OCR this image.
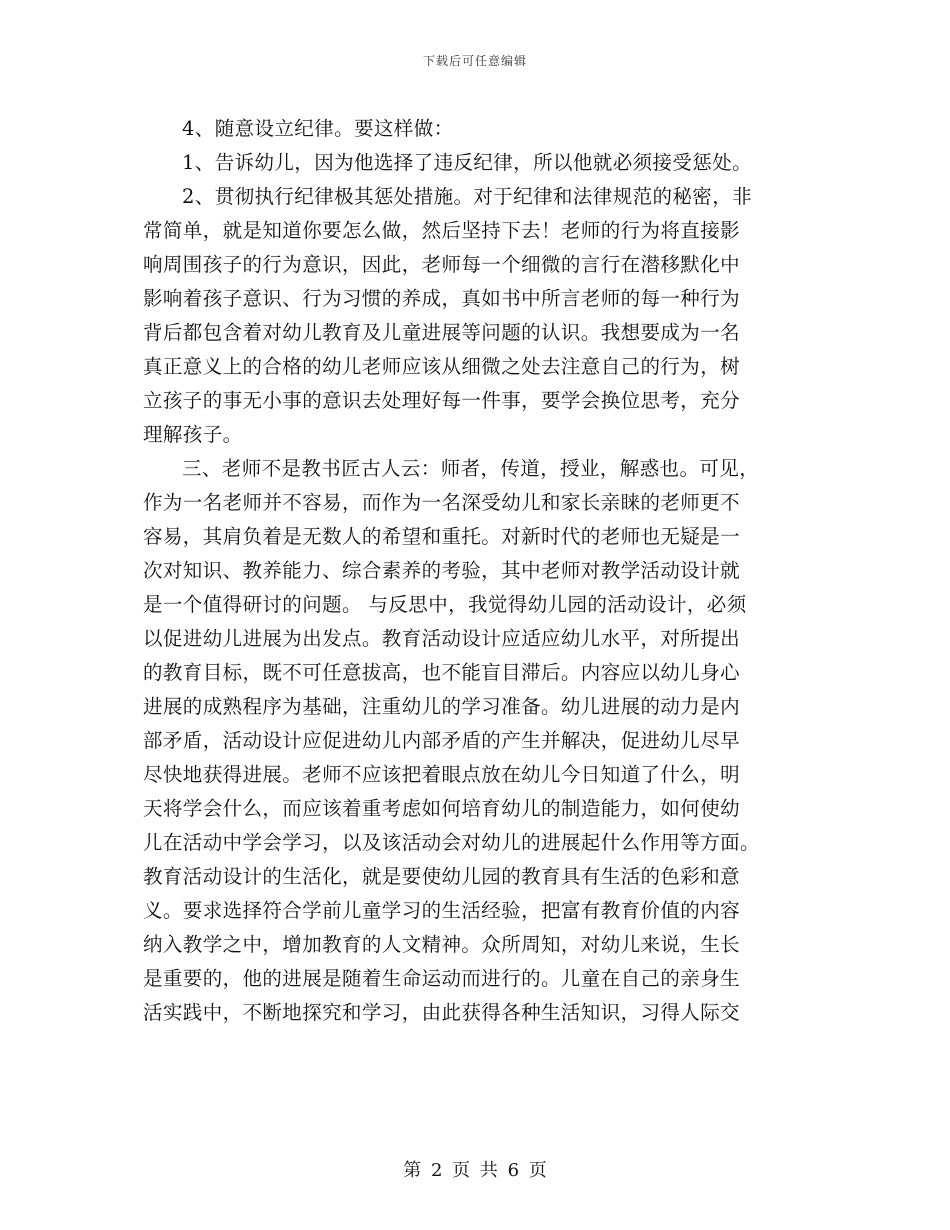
下载后可任意编辑
4、随意设立纪律。要这样做：
1、告诉幼儿，因为他选择了违反纪律，所以他就必须接受惩处。
2、贯彻执行纪律极其惩处措施。对于纪律和法律规范的秘密，非
常简单，就是知道你要怎么做，然后坚持下去！老师的行为将直接影
响周围孩子的行为意识，因此，老师每一个细微的言行在潜移默化中
影响着孩子意识、行为习惯的养成，真如书中所言老师的每一种行为
背后都包含着对幼儿教育及儿童进展等问题的认识。我想要成为一名
真正意义上的合格的幼儿老师应该从细微之处去注意自己的行为，树
立孩子的事无小事的意识去处理好每一件事，要学会换位思考，充分
理解孩子。
三、老师不是教书匠古人云：师者，传道，授业，解惑也。可见，
作为一名老师并不容易，而作为一名深受幼儿和家长亲睐的老师更不
容易，其肩负着是无数人的希望和重托。对新时代的老师也无疑是一
次对知识、教养能力、综合素养的考验，其中老师对教学活动设计就
是一个值得研讨的问题。 与反思中，我觉得幼儿园的活动设计，必须
以促进幼儿进展为出发点。教育活动设计应适应幼儿水平，对所提出
的教育目标，既不可任意拔高，也不能盲目滞后。内容应以幼儿身心
进展的成熟程序为基础，注重幼儿的学习准备。幼儿进展的动力是内
部矛盾，活动设计应促进幼儿内部矛盾的产生并解决，促进幼儿尽早
尽快地获得进展。老师不应该把着眼点放在幼儿今日知道了什么，明
天将学会什么，而应该着重考虑如何培育幼儿的制造能力，如何使幼
儿在活动中学会学习，以及该活动会对幼儿的进展起什么作用等方面。
教育活动设计的生活化，就是要使幼儿园的教育具有生活的色彩和意
义。要求选择符合学前儿童学习的生活经验，把富有教育价值的内容
纳入教学之中，增加教育的人文精神。众所周知，对幼儿来说，生长
是重要的，他的进展是随着生命运动而进行的。儿童在自己的亲身生
活实践中，不断地探究和学习，由此获得各种生活知识，习得人际交
第 2 页 共 6 页
